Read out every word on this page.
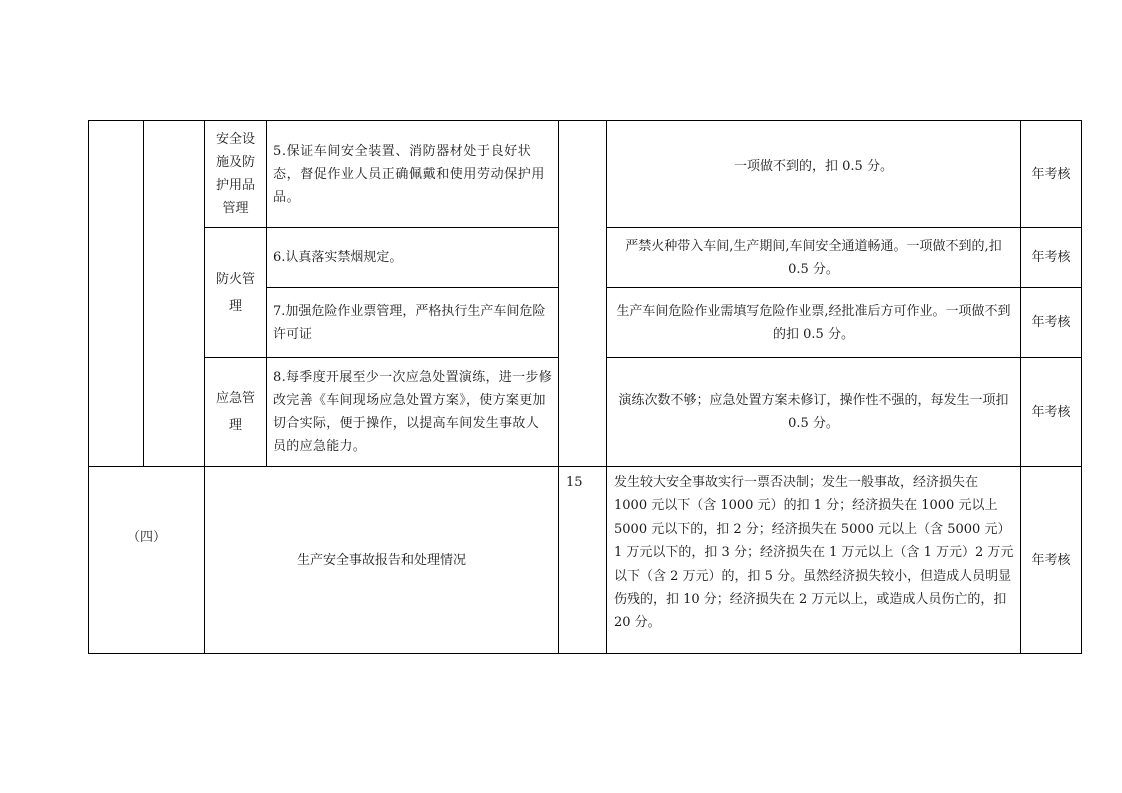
安全设
施及防
护用品
管理
5.保证车间安全装置、消防器材处于良好状态，督促作业人员正确佩戴和使用劳动保护用品。
一项做不到的，扣 0.5 分。
年考核
防火管
理
6.认真落实禁烟规定。
严禁火种带入车间,生产期间,车间安全通道畅通。一项做不到的,扣 0.5 分。
年考核
7.加强危险作业票管理，严格执行生产车间危险许可证
生产车间危险作业需填写危险作业票,经批准后方可作业。一项做不到的扣 0.5 分。
年考核
应急管
理
8.每季度开展至少一次应急处置演练，进一步修改完善《车间现场应急处置方案》，使方案更加切合实际，便于操作，以提高车间发生事故人员的应急能力。
演练次数不够；应急处置方案未修订，操作性不强的，每发生一项扣 0.5 分。
年考核
（四）
生产安全事故报告和处理情况
15 发生较大安全事故实行一票否决制；发生一般事故，经济损失在 1000 元以下（含 1000 元）的扣 1 分；经济损失在 1000 元以上 5000 元以下的，扣 2 分；经济损失在 5000 元以上（含 5000 元）1 万元以下的，扣 3 分；经济损失在 1 万元以上（含 1 万元）2 万元以下（含 2 万元）的，扣 5 分。虽然经济损失较小，但造成人员明显伤残的，扣 10 分；经济损失在 2 万元以上，或造成人员伤亡的，扣 20 分。
年考核
